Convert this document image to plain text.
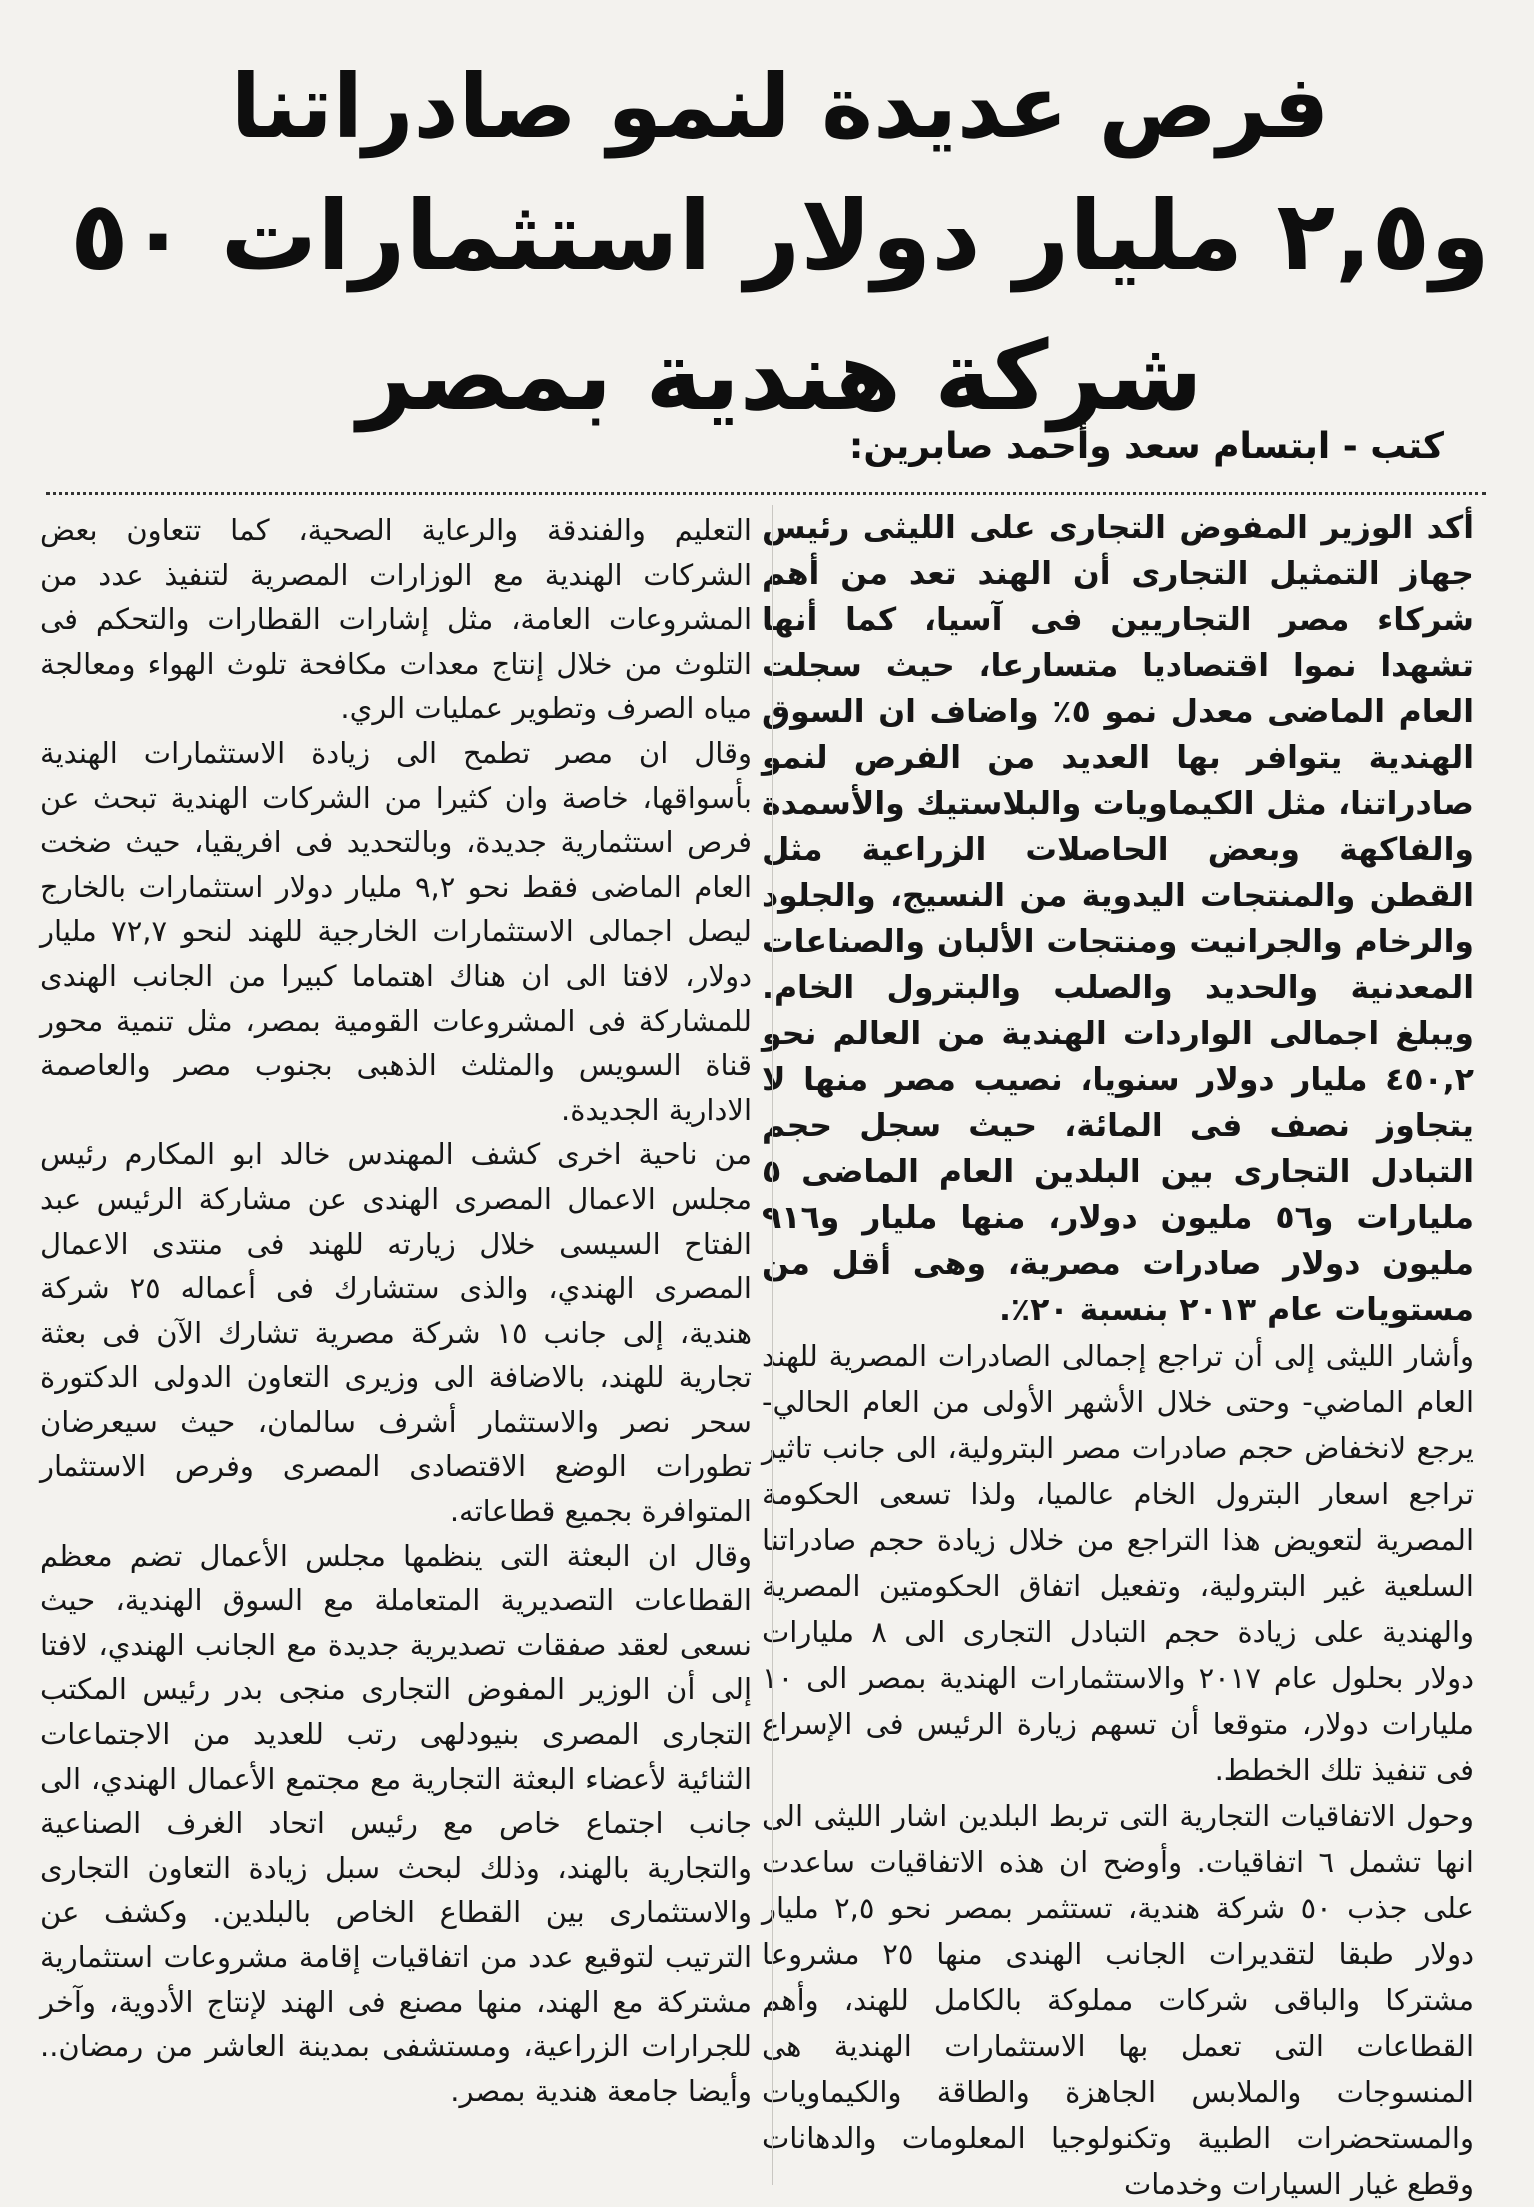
فرص عديدة لنمو صادراتنا
و٢,٥ مليار دولار استثمارات ٥٠ شركة هندية بمصر
كتب - ابتسام سعد وأحمد صابرين:

أكد الوزير المفوض التجارى على الليثى رئيس جهاز التمثيل التجارى أن الهند تعد من أهم شركاء مصر التجاريين فى آسيا، كما أنها تشهدا نموا اقتصاديا متسارعا، حيث سجلت العام الماضى معدل نمو ٥٪ واضاف ان السوق الهندية يتوافر بها العديد من الفرص لنمو صادراتنا، مثل الكيماويات والبلاستيك والأسمدة والفاكهة وبعض الحاصلات الزراعية مثل القطن والمنتجات اليدوية من النسيج، والجلود والرخام والجرانيت ومنتجات الألبان والصناعات المعدنية والحديد والصلب والبترول الخام. ويبلغ اجمالى الواردات الهندية من العالم نحو ٤٥٠,٢ مليار دولار سنويا، نصيب مصر منها لا يتجاوز نصف فى المائة، حيث سجل حجم التبادل التجارى بين البلدين العام الماضى ٥ مليارات و٥٦ مليون دولار، منها مليار و٩١٦ مليون دولار صادرات مصرية، وهى أقل من مستويات عام ٢٠١٣ بنسبة ٢٠٪.

وأشار الليثى إلى أن تراجع إجمالى الصادرات المصرية للهند العام الماضي- وحتى خلال الأشهر الأولى من العام الحالي- يرجع لانخفاض حجم صادرات مصر البترولية، الى جانب تاثير تراجع اسعار البترول الخام عالميا، ولذا تسعى الحكومة المصرية لتعويض هذا التراجع من خلال زيادة حجم صادراتنا السلعية غير البترولية، وتفعيل اتفاق الحكومتين المصرية والهندية على زيادة حجم التبادل التجارى الى ٨ مليارات دولار بحلول عام ٢٠١٧ والاستثمارات الهندية بمصر الى ١٠ مليارات دولار، متوقعا أن تسهم زيارة الرئيس فى الإسراع فى تنفيذ تلك الخطط.

وحول الاتفاقيات التجارية التى تربط البلدين اشار الليثى الى انها تشمل ٦ اتفاقيات. وأوضح ان هذه الاتفاقيات ساعدت على جذب ٥٠ شركة هندية، تستثمر بمصر نحو ٢,٥ مليار دولار طبقا لتقديرات الجانب الهندى منها ٢٥ مشروعا مشتركا والباقى شركات مملوكة بالكامل للهند، وأهم القطاعات التى تعمل بها الاستثمارات الهندية هى المنسوجات والملابس الجاهزة والطاقة والكيماويات والمستحضرات الطبية وتكنولوجيا المعلومات والدهانات وقطع غيار السيارات وخدمات

التعليم والفندقة والرعاية الصحية، كما تتعاون بعض الشركات الهندية مع الوزارات المصرية لتنفيذ عدد من المشروعات العامة، مثل إشارات القطارات والتحكم فى التلوث من خلال إنتاج معدات مكافحة تلوث الهواء ومعالجة مياه الصرف وتطوير عمليات الري.

وقال ان مصر تطمح الى زيادة الاستثمارات الهندية بأسواقها، خاصة وان كثيرا من الشركات الهندية تبحث عن فرص استثمارية جديدة، وبالتحديد فى افريقيا، حيث ضخت العام الماضى فقط نحو ٩,٢ مليار دولار استثمارات بالخارج ليصل اجمالى الاستثمارات الخارجية للهند لنحو ٧٢,٧ مليار دولار، لافتا الى ان هناك اهتماما كبيرا من الجانب الهندى للمشاركة فى المشروعات القومية بمصر، مثل تنمية محور قناة السويس والمثلث الذهبى بجنوب مصر والعاصمة الادارية الجديدة.

من ناحية اخرى كشف المهندس خالد ابو المكارم رئيس مجلس الاعمال المصرى الهندى عن مشاركة الرئيس عبد الفتاح السيسى خلال زيارته للهند فى منتدى الاعمال المصرى الهندي، والذى ستشارك فى أعماله ٢٥ شركة هندية، إلى جانب ١٥ شركة مصرية تشارك الآن فى بعثة تجارية للهند، بالاضافة الى وزيرى التعاون الدولى الدكتورة سحر نصر والاستثمار أشرف سالمان، حيث سيعرضان تطورات الوضع الاقتصادى المصرى وفرص الاستثمار المتوافرة بجميع قطاعاته.

وقال ان البعثة التى ينظمها مجلس الأعمال تضم معظم القطاعات التصديرية المتعاملة مع السوق الهندية، حيث نسعى لعقد صفقات تصديرية جديدة مع الجانب الهندي، لافتا إلى أن الوزير المفوض التجارى منجى بدر رئيس المكتب التجارى المصرى بنيودلهى رتب للعديد من الاجتماعات الثنائية لأعضاء البعثة التجارية مع مجتمع الأعمال الهندي، الى جانب اجتماع خاص مع رئيس اتحاد الغرف الصناعية والتجارية بالهند، وذلك لبحث سبل زيادة التعاون التجارى والاستثمارى بين القطاع الخاص بالبلدين. وكشف عن الترتيب لتوقيع عدد من اتفاقيات إقامة مشروعات استثمارية مشتركة مع الهند، منها مصنع فى الهند لإنتاج الأدوية، وآخر للجرارات الزراعية، ومستشفى بمدينة العاشر من رمضان.. وأيضا جامعة هندية بمصر.
